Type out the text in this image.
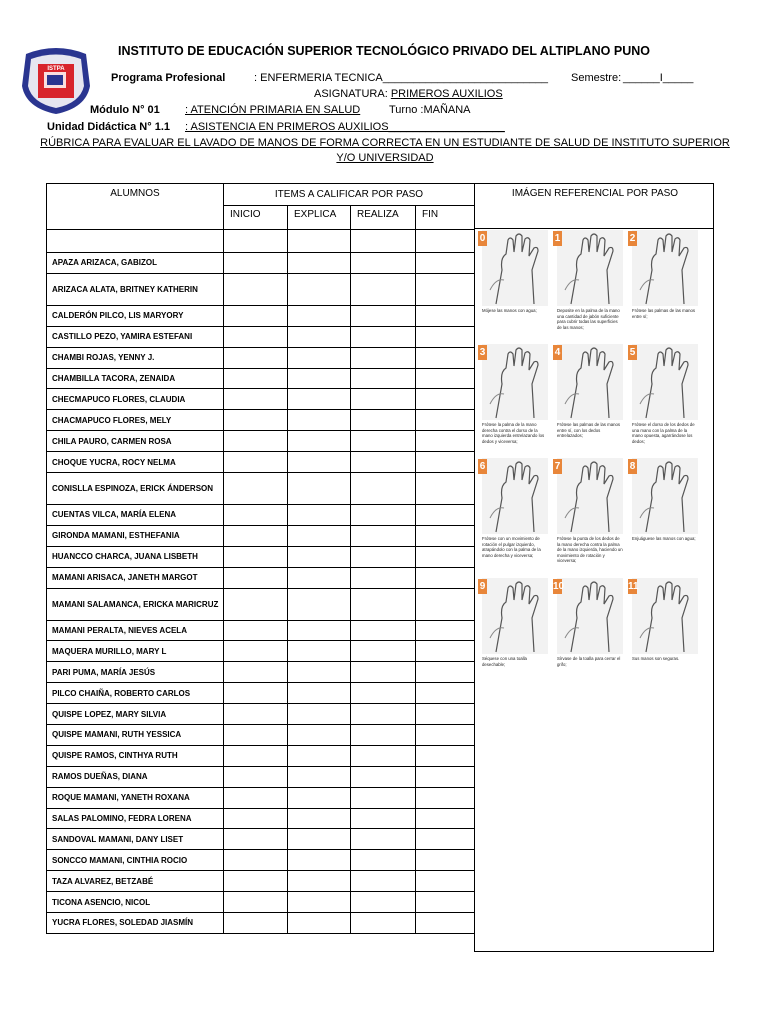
ISTPA
INSTITUTO DE EDUCACIÓN SUPERIOR TECNOLÓGICO PRIVADO DEL ALTIPLANO PUNO
Programa Profesional	: ENFERMERIA TECNICA___________________________ Semestre: ______I_____
ASIGNATURA: PRIMEROS AUXILIOS
Módulo N° 01 : ATENCIÓN PRIMARIA EN SALUD	Turno :MAÑANA
Unidad Didáctica N° 1.1 : ASISTENCIA EN PRIMEROS AUXILIOS___________________
RÚBRICA PARA EVALUAR EL LAVADO DE MANOS DE FORMA CORRECTA EN UN ESTUDIANTE DE SALUD DE INSTITUTO SUPERIOR Y/O UNIVERSIDAD
ALUMNOS	ITEMS A CALIFICAR POR PASO			
	INICIO	EXPLICA	REALIZA	FIN

APAZA ARIZACA, GABIZOL				
ARIZACA ALATA, BRITNEY KATHERIN				
CALDERÓN PILCO, LIS MARYORY				
CASTILLO PEZO, YAMIRA ESTEFANI				
CHAMBI ROJAS, YENNY J.				
CHAMBILLA TACORA, ZENAIDA				
CHECMAPUCO FLORES, CLAUDIA				
CHACMAPUCO FLORES, MELY				
CHILA PAURO, CARMEN ROSA				
CHOQUE YUCRA, ROCY NELMA				
CONISLLA ESPINOZA, ERICK ÁNDERSON				
CUENTAS VILCA, MARÍA ELENA				
GIRONDA MAMANI, ESTHEFANIA				
HUANCCO CHARCA, JUANA LISBETH				
MAMANI ARISACA, JANETH MARGOT				
MAMANI SALAMANCA, ERICKA MARICRUZ				
MAMANI PERALTA, NIEVES ACELA				
MAQUERA MURILLO, MARY L				
PARI PUMA, MARÍA JESÚS				
PILCO CHAIÑA, ROBERTO CARLOS				
QUISPE LOPEZ, MARY SILVIA				
QUISPE MAMANI, RUTH YESSICA				
QUISPE RAMOS, CINTHYA RUTH				
RAMOS DUEÑAS, DIANA				
ROQUE MAMANI, YANETH ROXANA				
SALAS PALOMINO, FEDRA LORENA				
SANDOVAL MAMANI, DANY LISET				
SONCCO MAMANI, CINTHIA ROCIO				
TAZA ALVAREZ, BETZABÉ				
TICONA ASENCIO, NICOL				
YUCRA FLORES, SOLEDAD JIASMÍN				
IMÁGEN REFERENCIAL POR PASO
0
Mójese las manos con agua;
1
Deposite en la palma de la mano una cantidad de jabón suficiente para cubrir todas las superficies de las manos;
2
Frótese las palmas de las manos entre sí;
3
Frótese la palma de la mano derecha contra el dorso de la mano izquierda entrelazando los dedos y viceversa;
4
Frótese las palmas de las manos entre sí, con los dedos entrelazados;
5
Frótese el dorso de los dedos de una mano con la palma de la mano opuesta, agarrándose los dedos;
6
Frótese con un movimiento de rotación el pulgar izquierdo, atrapándolo con la palma de la mano derecha y viceversa;
7
Frótese la punta de los dedos de la mano derecha contra la palma de la mano izquierda, haciendo un movimiento de rotación y viceversa;
8
Enjuáguese las manos con agua;
9
Séquese con una toalla desechable;
10
Sírvase de la toalla para cerrar el grifo;
11
Sus manos son seguras.
